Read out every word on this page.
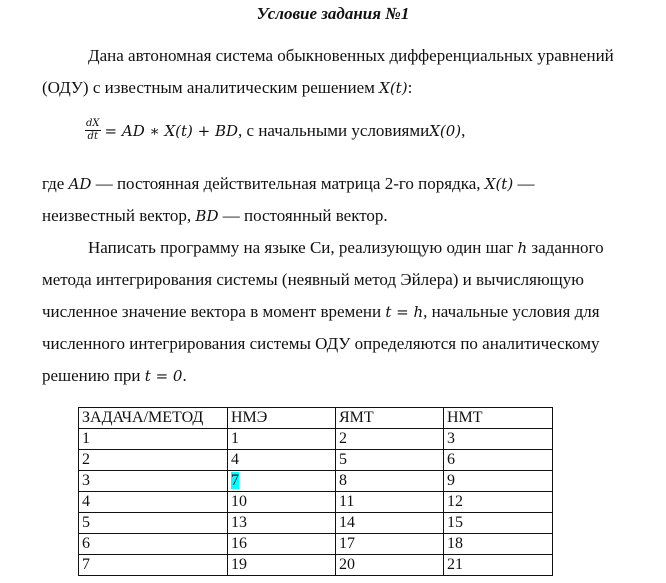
Условие задания №1
Дана автономная система обыкновенных дифференциальных уравнений
(ОДУ) с известным аналитическим решением X(t):
$\frac{dX}{dt}$ = AD ∗ X(t) + BD , с начальными условиями X(0) ,
где AD — постоянная действительная матрица 2-го порядка, X(t) —
неизвестный вектор, BD — постоянный вектор.
Написать программу на языке Си, реализующую один шаг h заданного
метода интегрирования системы (неявный метод Эйлера) и вычисляющую
численное значение вектора в момент времени t = h, начальные условия для
численного интегрирования системы ОДУ определяются по аналитическому
решению при t = 0.
ЗАДАЧА/МЕТОД	НМЭ	ЯМТ	НМТ
1	1	2	3
2	4	5	6
3	7	8	9
4	10	11	12
5	13	14	15
6	16	17	18
7	19	20	21
